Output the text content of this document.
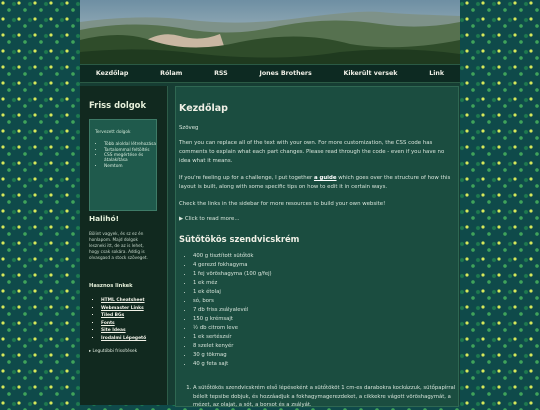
Kezdőlap	Rólam	RSS	Jones Brothers	Kikerült versek	Link
Friss dolgok
Tervezett dolgok
• Több aloldal létrehozása
• Tartalommal feltöltés
• CSS megértése és átalakítása
• Nemtom
Halihó!
Bölint vagyek, és sz ez én honlapom. Majd dolgok leszneki itt, de az is lehet, hogy csak sokára. Addig is olvasgasd a stock szöveget.
Hasznos linkek
▪ HTML Cheatsheet
▪ Webmaster Links
▪ Tiled BGs
▪ Fonts
▪ Site Ideas
▪ Irodalmi Lépegető
▸ Legutóbbi frissítések
Kezdőlap
Szöveg

Then you can replace all of the text with your own. For more customization, the CSS code has comments to explain what each part changes. Please read through the code - even if you have no idea what it means.

If you're feeling up for a challenge, I put together a guide which goes over the structure of how this layout is built, along with some specific tips on how to edit it in certain ways.

Check the links in the sidebar for more resources to build your own website!

▶ Click to read more...
Sütőtökös szendvicskrém
• 400 g tisztított sütőtök
• 4 gerezd fokhagyma
• 1 fej vöröshagyma (100 g/fej)
• 1 ek méz
• 1 ek étolaj
• só, bors
• 7 db friss zsályalevél
• 150 g krémsajt
• ½ db citrom leve
• 1 ek sertészsír
• 8 szelet kenyér
• 30 g tökmag
• 40 g feta sajt
1. A sütőtökös szendvicskrém első lépéseként a sütőtököt 1 cm-es darabokra kockázzuk, sütőpapírral bélelt tepsibe dobjuk, és hozzáadjuk a fokhagymagerezdeket, a cikkekre vágott vöröshagymát, a mézet, az olajat, a sót, a borsot és a zsályát.
